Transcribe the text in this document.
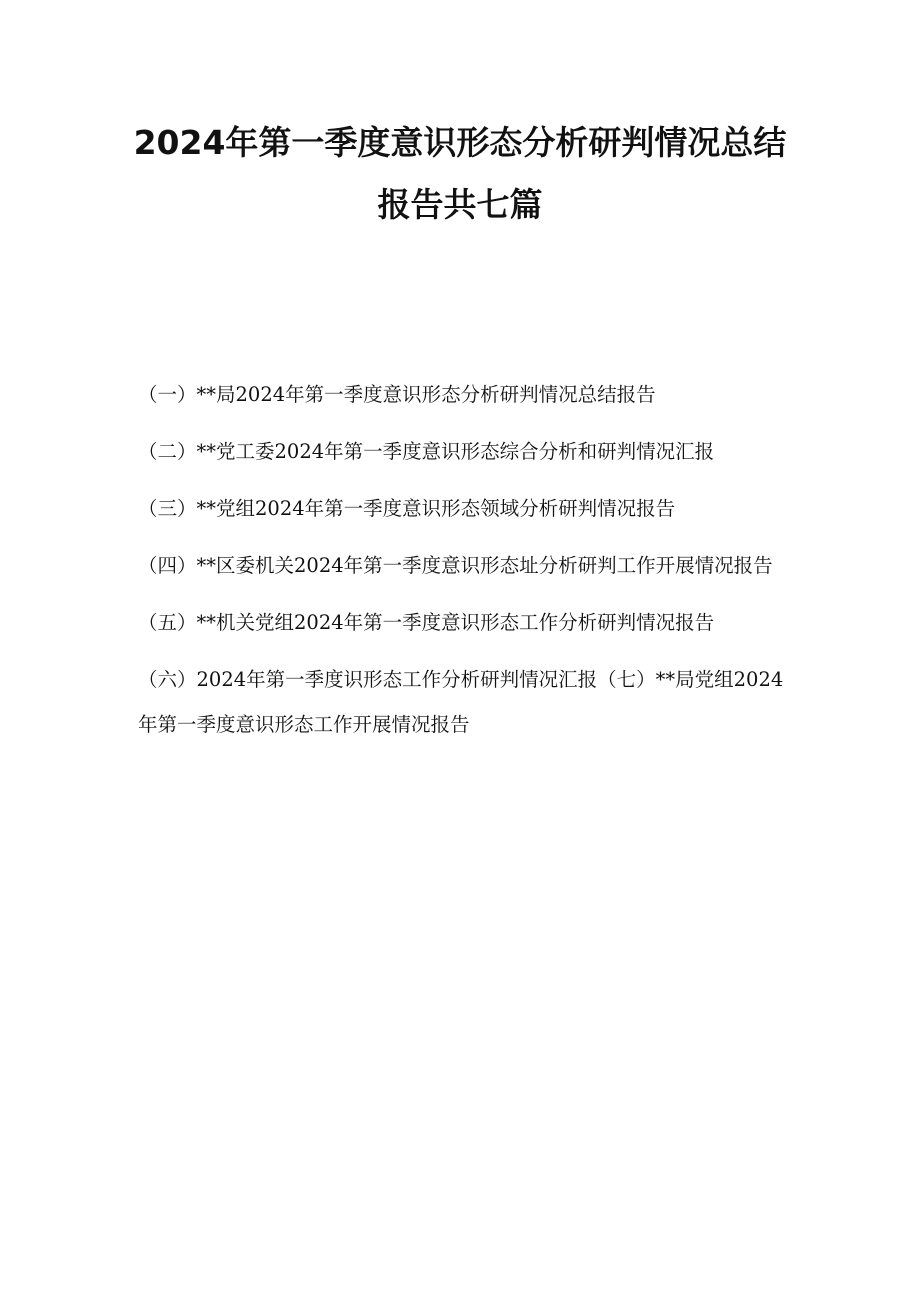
2024年第一季度意识形态分析研判情况总结报告共七篇

（一）**局2024年第一季度意识形态分析研判情况总结报告

（二）**党工委2024年第一季度意识形态综合分析和研判情况汇报

（三）**党组2024年第一季度意识形态领域分析研判情况报告

（四）**区委机关2024年第一季度意识形态址分析研判工作开展情况报告

（五）**机关党组2024年第一季度意识形态工作分析研判情况报告

（六）2024年第一季度识形态工作分析研判情况汇报（七）**局党组2024年第一季度意识形态工作开展情况报告
